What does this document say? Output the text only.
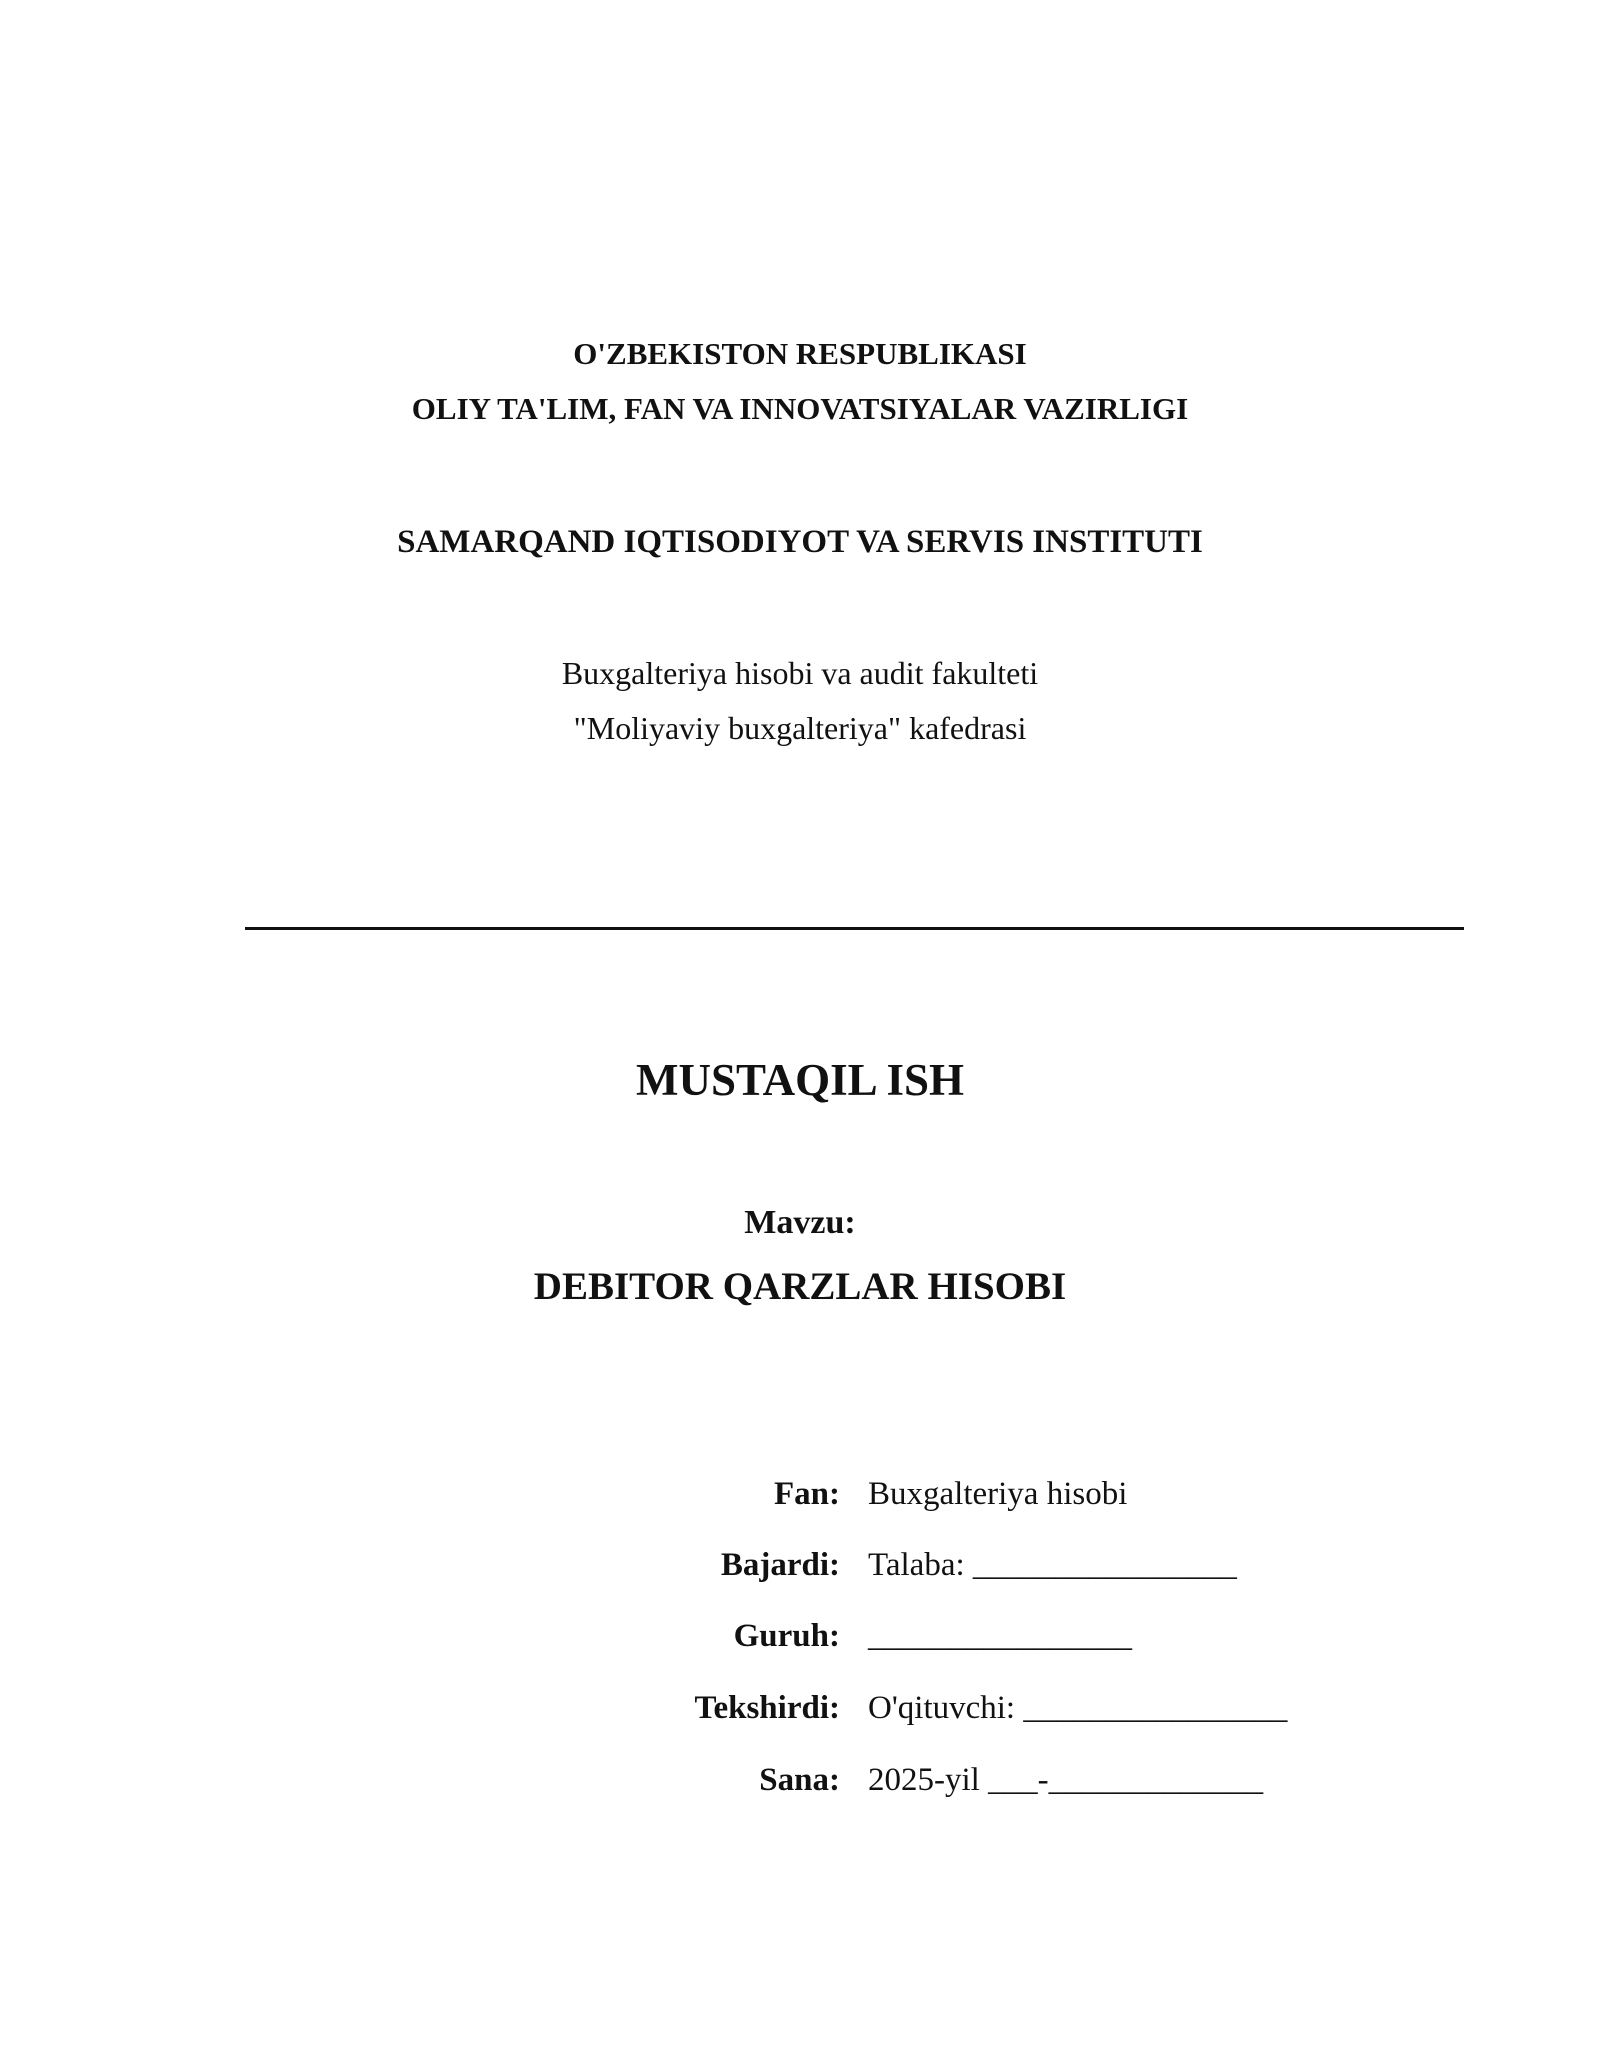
O'ZBEKISTON RESPUBLIKASI
OLIY TA'LIM, FAN VA INNOVATSIYALAR VAZIRLIGI
SAMARQAND IQTISODIYOT VA SERVIS INSTITUTI
Buxgalteriya hisobi va audit fakulteti
"Moliyaviy buxgalteriya" kafedrasi
MUSTAQIL ISH
Mavzu:
DEBITOR QARZLAR HISOBI
Fan: Buxgalteriya hisobi
Bajardi: Talaba: ________________
Guruh: ________________
Tekshirdi: O'qituvchi: ________________
Sana: 2025-yil ___-_____________
